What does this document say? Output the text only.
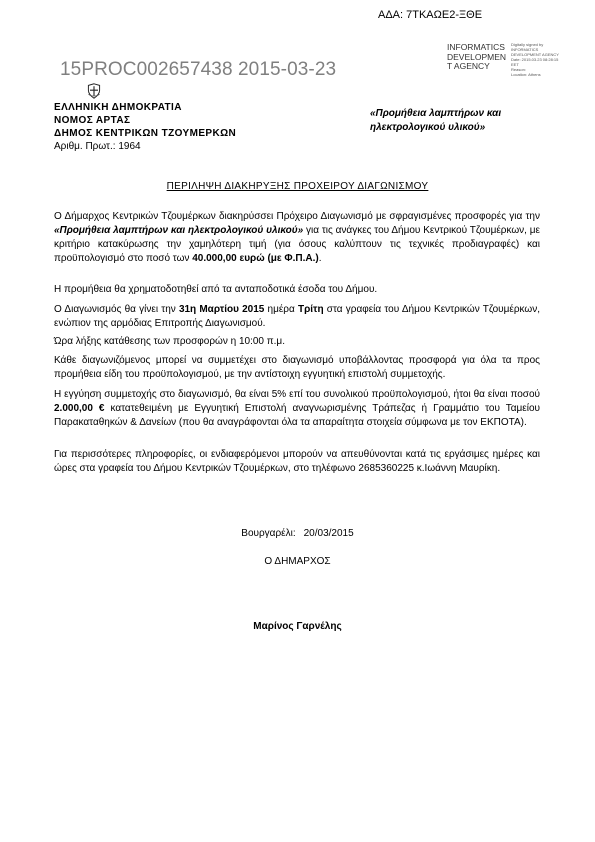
ΑΔΑ: 7ΤΚΑΩΕ2-ΞΘΕ
15PROC002657438 2015-03-23
INFORMATICS
DEVELOPMEN
T AGENCY
Digitally signed by
INFORMATICS
DEVELOPMENT AGENCY
Date: 2015.03.23 08:28:15
EET
Reason:
Location: Athens
ΕΛΛΗΝΙΚΗ ΔΗΜΟΚΡΑΤΙΑ
ΝΟΜΟΣ ΑΡΤΑΣ
ΔΗΜΟΣ ΚΕΝΤΡΙΚΩΝ ΤΖΟΥΜΕΡΚΩΝ
Αριθμ. Πρωτ.: 1964
«Προμήθεια λαμπτήρων και ηλεκτρολογικού υλικού»
ΠΕΡΙΛΗΨΗ ΔΙΑΚΗΡΥΞΗΣ ΠΡΟΧΕΙΡΟΥ ΔΙΑΓΩΝΙΣΜΟΥ
Ο Δήμαρχος Κεντρικών Τζουμέρκων διακηρύσσει Πρόχειρο Διαγωνισμό με σφραγισμένες προσφορές για την «Προμήθεια λαμπτήρων και ηλεκτρολογικού υλικού» για τις ανάγκες του Δήμου Κεντρικού Τζουμέρκων, με κριτήριο κατακύρωσης την χαμηλότερη τιμή (για όσους καλύπτουν τις τεχνικές προδιαγραφές) και προϋπολογισμό στο ποσό των 40.000,00 ευρώ (με Φ.Π.Α.).
Η προμήθεια θα χρηματοδοτηθεί από τα ανταποδοτικά έσοδα του Δήμου.
Ο Διαγωνισμός θα γίνει την 31η Μαρτίου 2015 ημέρα Τρίτη στα γραφεία του Δήμου Κεντρικών Τζουμέρκων, ενώπιον της αρμόδιας Επιτροπής Διαγωνισμού.
Ώρα λήξης κατάθεσης των προσφορών η 10:00 π.μ.
Κάθε διαγωνιζόμενος μπορεί να συμμετέχει στο διαγωνισμό υποβάλλοντας προσφορά για όλα τα προς προμήθεια είδη του προϋπολογισμού, με την αντίστοιχη εγγυητική επιστολή συμμετοχής.
Η εγγύηση συμμετοχής στο διαγωνισμό, θα είναι 5% επί του συνολικού προϋπολογισμού, ήτοι θα είναι ποσού 2.000,00 € κατατεθειμένη με Εγγυητική Επιστολή αναγνωρισμένης Τράπεζας ή Γραμμάτιο του Ταμείου Παρακαταθηκών & Δανείων (που θα αναγράφονται όλα τα απαραίτητα στοιχεία σύμφωνα με τον ΕΚΠΟΤΑ).
Για περισσότερες πληροφορίες, οι ενδιαφερόμενοι μπορούν να απευθύνονται κατά τις εργάσιμες ημέρες και ώρες στα γραφεία του Δήμου Κεντρικών Τζουμέρκων, στο τηλέφωνο 2685360225 κ.Ιωάννη Μαυρίκη.
Βουργαρέλι: 20/03/2015
Ο ΔΗΜΑΡΧΟΣ
Μαρίνος Γαρνέλης
